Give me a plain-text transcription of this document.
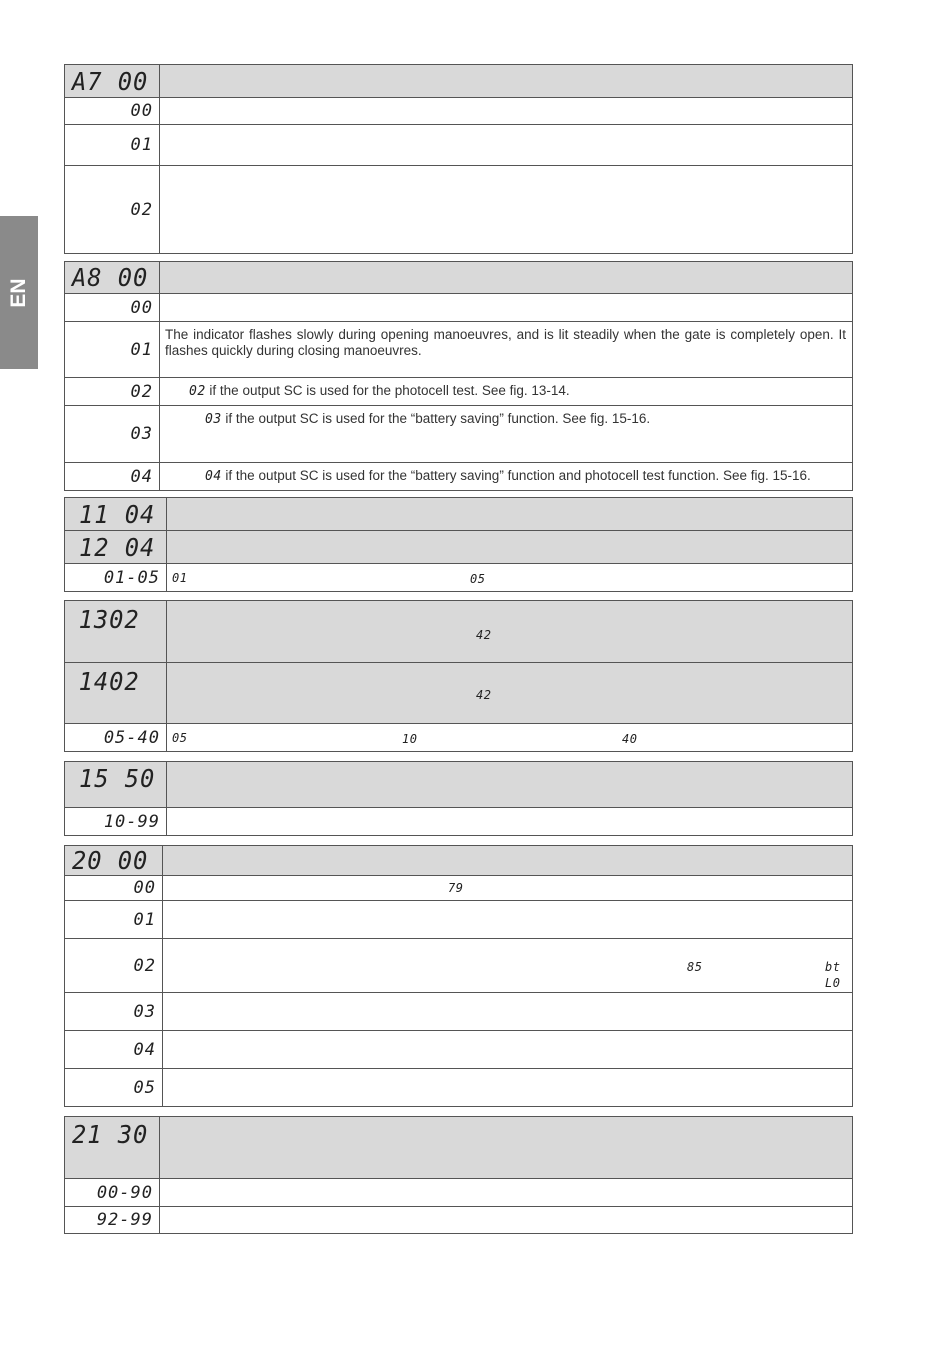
EN
A7 00	
00	
01	
02	
A8 00	
00	
01	The indicator flashes slowly during opening manoeuvres, and is lit steadily when the gate is completely open. It flashes quickly during closing manoeuvres.
02	02 if the output SC is used for the photocell test. See fig. 13-14.
03	03 if the output SC is used for the “battery saving” function. See fig. 15-16.
04	04 if the output SC is used for the “battery saving” function and photocell test function. See fig. 15-16.
11 04	
12 04	
01-05	01 05
1302	42

1402	42

05-40	05 10 40
15 50	
10-99	
20 00	
00	79

01	
02	85 bt L0

03	
04	
05	
21 30	
00-90	
92-99	
